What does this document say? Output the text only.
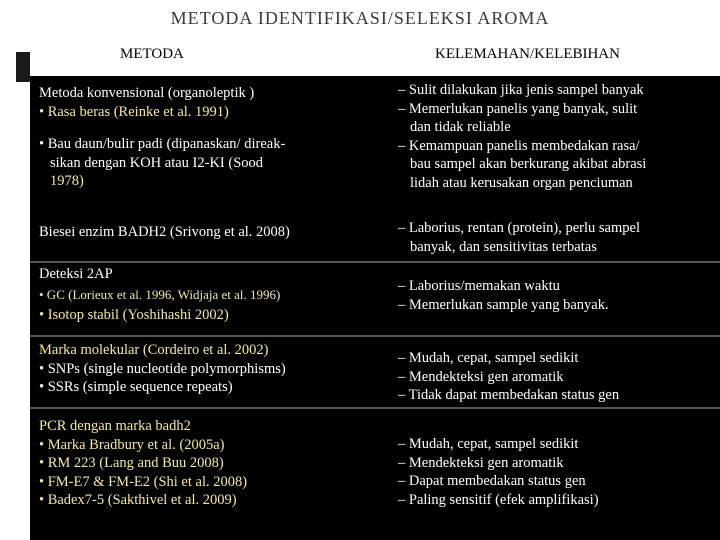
METODA IDENTIFIKASI/SELEKSI AROMA
METODA	KELEMAHAN/KELEBIHAN
Metoda konvensional (organoleptik )
• Rasa beras (Reinke et al. 1991)
• Bau daun/bulir padi (dipanaskan/ direak-
sikan dengan KOH atau I2-KI (Sood
1978)
– Sulit dilakukan jika jenis sampel banyak
– Memerlukan panelis yang banyak, sulit
dan tidak reliable
– Kemampuan panelis membedakan rasa/
bau sampel akan berkurang akibat abrasi
lidah atau kerusakan organ penciuman
Biesei enzim BADH2 (Srivong et al. 2008)	– Laborius, rentan (protein), perlu sampel
banyak, dan sensitivitas terbatas
Deteksi 2AP
• GC (Lorieux et al. 1996, Widjaja et al. 1996)
• Isotop stabil (Yoshihashi 2002)
– Laborius/memakan waktu
– Memerlukan sample yang banyak.
Marka molekular (Cordeiro et al. 2002)
• SNPs (single nucleotide polymorphisms)
• SSRs (simple sequence repeats)
– Mudah, cepat, sampel sedikit
– Mendekteksi gen aromatik
– Tidak dapat membedakan status gen
PCR dengan marka badh2
• Marka Bradbury et al. (2005a)
• RM 223 (Lang and Buu 2008)
• FM-E7 & FM-E2 (Shi et al. 2008)
• Badex7-5 (Sakthivel et al. 2009)
– Mudah, cepat, sampel sedikit
– Mendekteksi gen aromatik
– Dapat membedakan status gen
– Paling sensitif (efek amplifikasi)
